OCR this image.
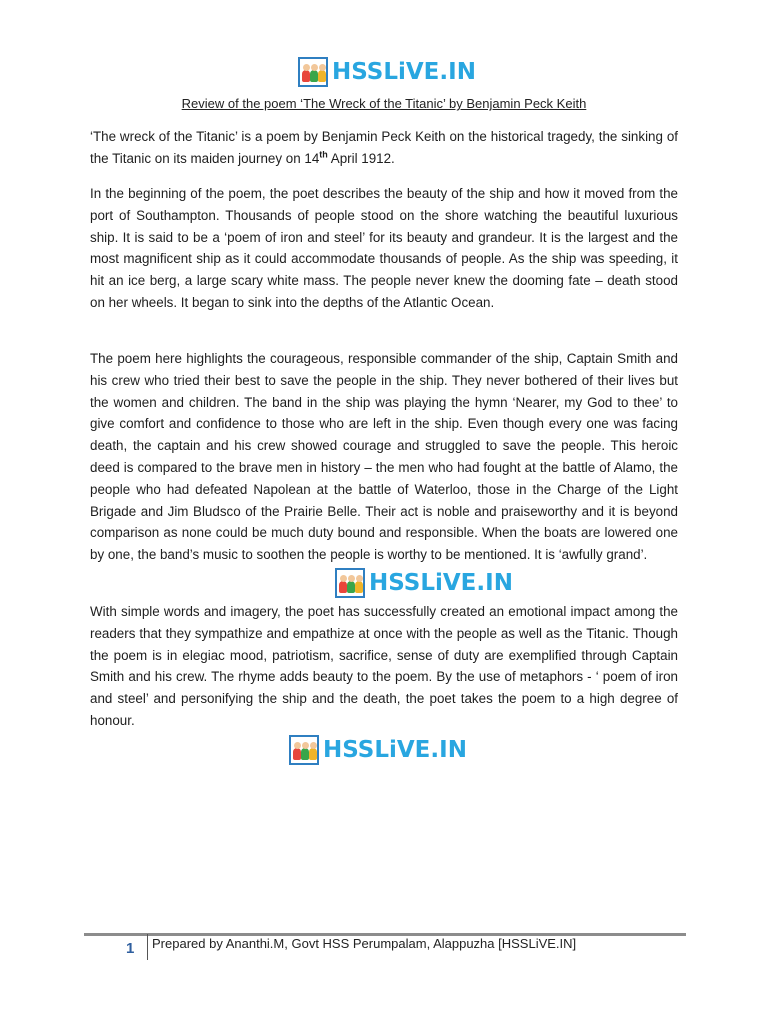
HSSLiVE.IN
Review of the poem ‘The Wreck of the Titanic’ by Benjamin Peck Keith

‘The wreck of the Titanic’ is a poem by Benjamin Peck Keith on the historical tragedy, the sinking of the Titanic on its maiden journey on 14th April 1912.

In the beginning of the poem, the poet describes the beauty of the ship and how it moved from the port of Southampton. Thousands of people stood on the shore watching the beautiful luxurious ship. It is said to be a ‘poem of iron and steel’ for its beauty and grandeur. It is the largest and the most magnificent ship as it could accommodate thousands of people. As the ship was speeding, it hit an ice berg, a large scary white mass. The people never knew the dooming fate – death stood on her wheels. It began to sink into the depths of the Atlantic Ocean.

The poem here highlights the courageous, responsible commander of the ship, Captain Smith and his crew who tried their best to save the people in the ship. They never bothered of their lives but the women and children. The band in the ship was playing the hymn ‘Nearer, my God to thee’ to give comfort and confidence to those who are left in the ship. Even though every one was facing death, the captain and his crew showed courage and struggled to save the people. This heroic deed is compared to the brave men in history – the men who had fought at the battle of Alamo, the people who had defeated Napolean at the battle of Waterloo, those in the Charge of the Light Brigade and Jim Bludsco of the Prairie Belle. Their act is noble and praiseworthy and it is beyond comparison as none could be much duty bound and responsible. When the boats are lowered one by one, the band’s music to soothen the people is worthy to be mentioned. It is ‘awfully grand’.

HSSLiVE.IN

With simple words and imagery, the poet has successfully created an emotional impact among the readers that they sympathize and empathize at once with the people as well as the Titanic. Though the poem is in elegiac mood, patriotism, sacrifice, sense of duty are exemplified through Captain Smith and his crew. The rhyme adds beauty to the poem. By the use of metaphors - ‘ poem of iron and steel’ and personifying the ship and the death, the poet takes the poem to a high degree of honour.

HSSLiVE.IN
1 Prepared by Ananthi.M, Govt HSS Perumpalam, Alappuzha [HSSLiVE.IN]
